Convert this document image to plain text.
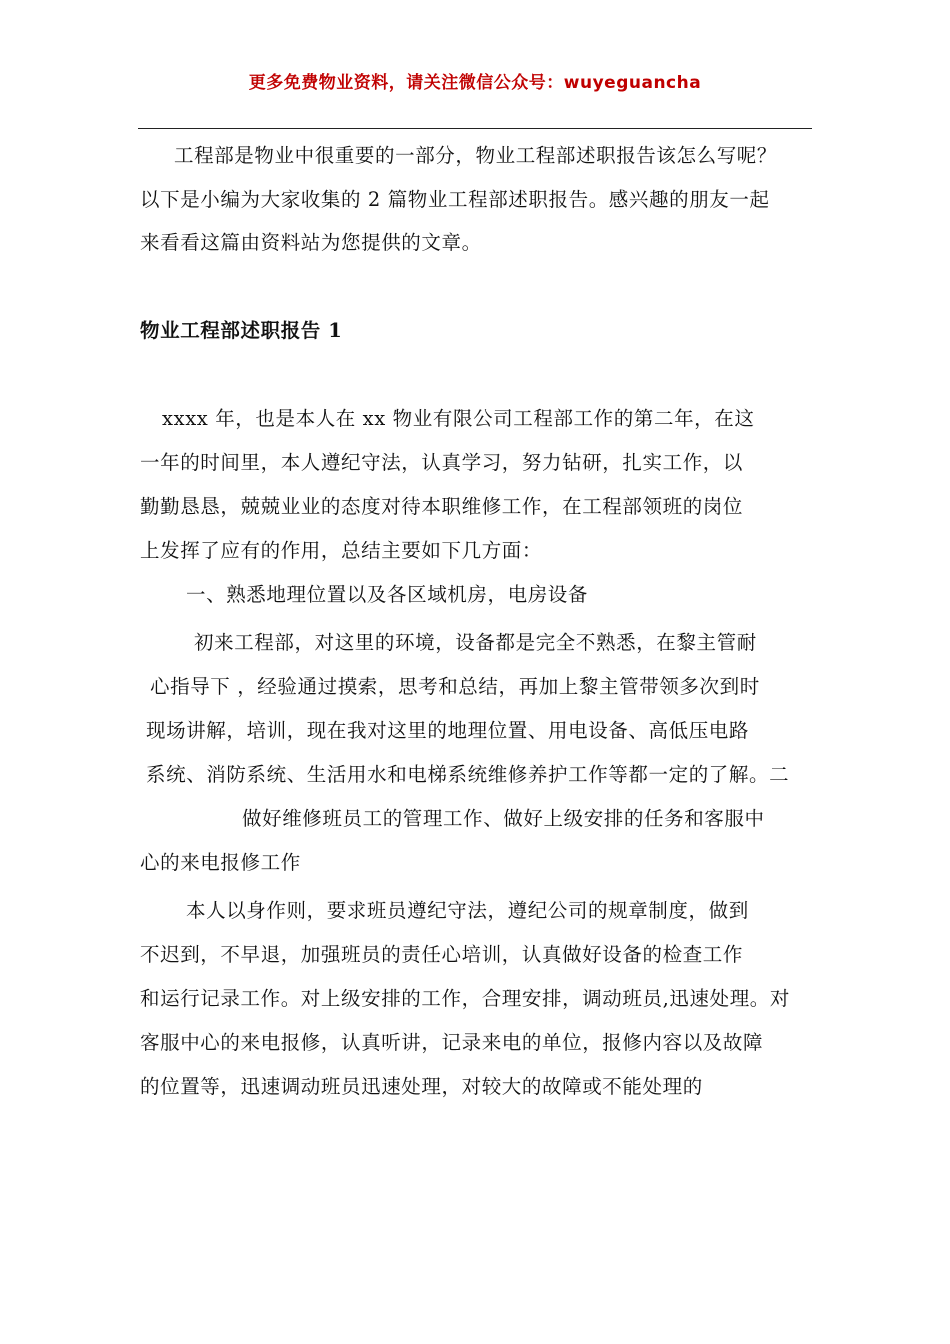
更多免费物业资料，请关注微信公众号：wuyeguancha
工程部是物业中很重要的一部分，物业工程部述职报告该怎么写呢？
以下是小编为大家收集的 2 篇物业工程部述职报告。感兴趣的朋友一起
来看看这篇由资料站为您提供的文章。
物业工程部述职报告 1
xxxx 年，也是本人在 xx 物业有限公司工程部工作的第二年，在这
一年的时间里，本人遵纪守法，认真学习，努力钻研，扎实工作，以
勤勤恳恳，兢兢业业的态度对待本职维修工作，在工程部领班的岗位
上发挥了应有的作用，总结主要如下几方面：
一、熟悉地理位置以及各区域机房，电房设备
初来工程部，对这里的环境，设备都是完全不熟悉，在黎主管耐
心指导下 ，经验通过摸索，思考和总结，再加上黎主管带领多次到时
现场讲解，培训，现在我对这里的地理位置、用电设备、高低压电路
系统、消防系统、生活用水和电梯系统维修养护工作等都一定的了解。二
做好维修班员工的管理工作、做好上级安排的任务和客服中
心的来电报修工作
本人以身作则，要求班员遵纪守法，遵纪公司的规章制度，做到
不迟到，不早退，加强班员的责任心培训，认真做好设备的检查工作
和运行记录工作。对上级安排的工作，合理安排，调动班员,迅速处理。对
客服中心的来电报修，认真听讲，记录来电的单位，报修内容以及故障
的位置等，迅速调动班员迅速处理，对较大的故障或不能处理的
